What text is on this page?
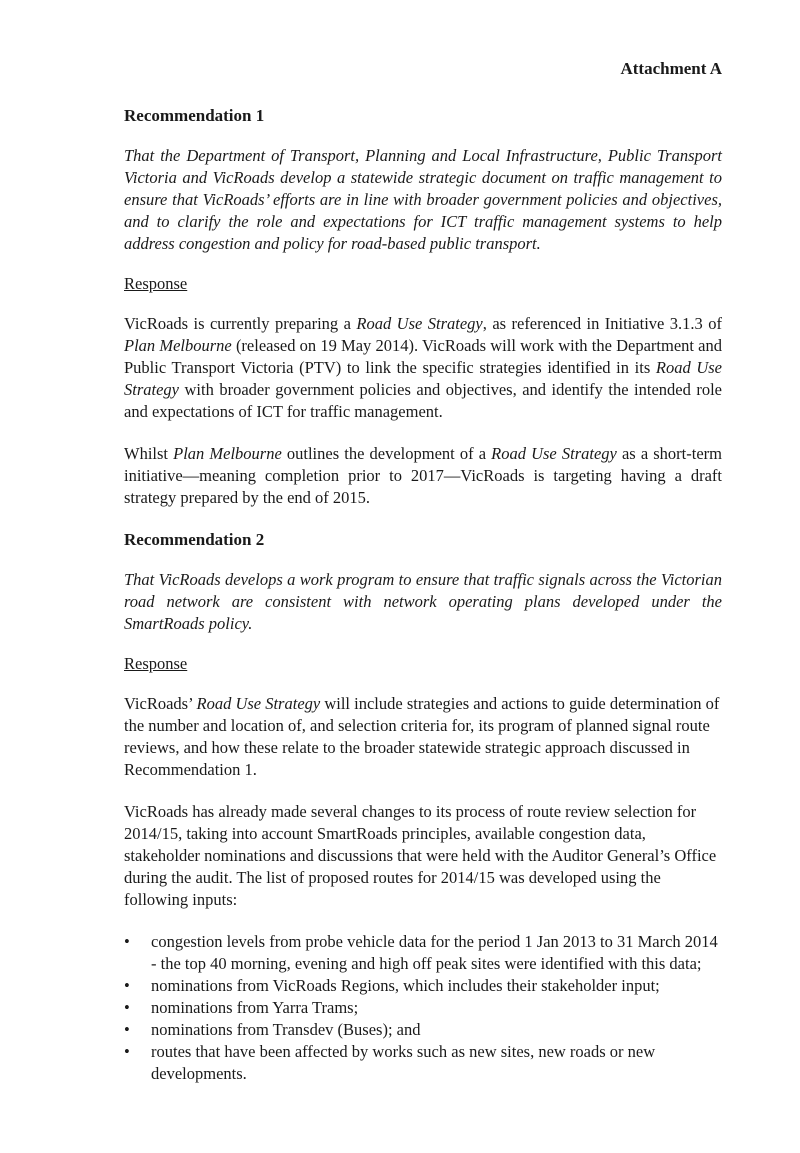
Attachment A
Recommendation 1

That the Department of Transport, Planning and Local Infrastructure, Public Transport Victoria and VicRoads develop a statewide strategic document on traffic management to ensure that VicRoads’ efforts are in line with broader government policies and objectives, and to clarify the role and expectations for ICT traffic management systems to help address congestion and policy for road-based public transport.

Response

VicRoads is currently preparing a Road Use Strategy, as referenced in Initiative 3.1.3 of Plan Melbourne (released on 19 May 2014). VicRoads will work with the Department and Public Transport Victoria (PTV) to link the specific strategies identified in its Road Use Strategy with broader government policies and objectives, and identify the intended role and expectations of ICT for traffic management.

Whilst Plan Melbourne outlines the development of a Road Use Strategy as a short-term initiative—meaning completion prior to 2017—VicRoads is targeting having a draft strategy prepared by the end of 2015.

Recommendation 2

That VicRoads develops a work program to ensure that traffic signals across the Victorian road network are consistent with network operating plans developed under the SmartRoads policy.

Response

VicRoads’ Road Use Strategy will include strategies and actions to guide determination of the number and location of, and selection criteria for, its program of planned signal route reviews, and how these relate to the broader statewide strategic approach discussed in Recommendation 1.

VicRoads has already made several changes to its process of route review selection for 2014/15, taking into account SmartRoads principles, available congestion data, stakeholder nominations and discussions that were held with the Auditor General’s Office during the audit. The list of proposed routes for 2014/15 was developed using the following inputs:

• congestion levels from probe vehicle data for the period 1 Jan 2013 to 31 March 2014 - the top 40 morning, evening and high off peak sites were identified with this data;
• nominations from VicRoads Regions, which includes their stakeholder input;
• nominations from Yarra Trams;
• nominations from Transdev (Buses); and
• routes that have been affected by works such as new sites, new roads or new developments.
